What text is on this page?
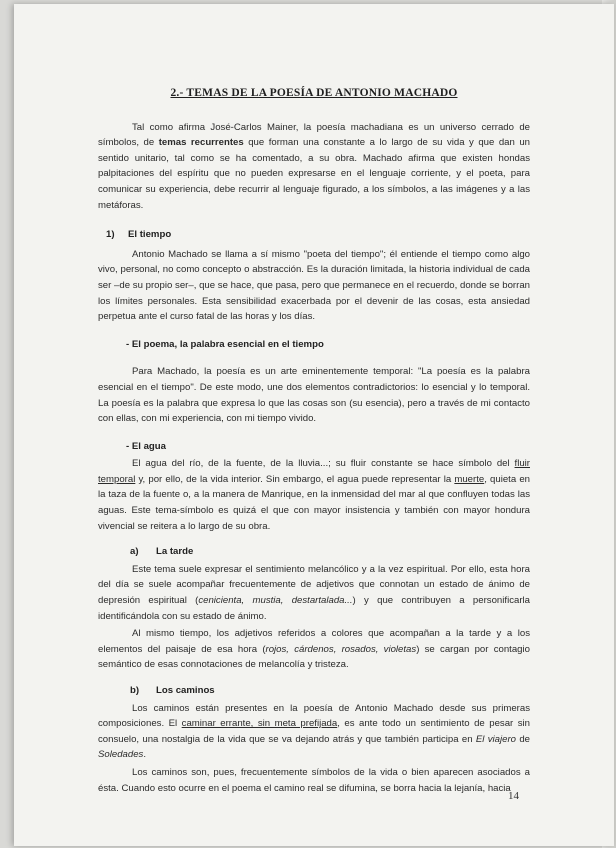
2.- TEMAS DE LA POESÍA DE ANTONIO MACHADO

Tal como afirma José-Carlos Mainer, la poesía machadiana es un universo cerrado de símbolos, de temas recurrentes que forman una constante a lo largo de su vida y que dan un sentido unitario, tal como se ha comentado, a su obra. Machado afirma que existen hondas palpitaciones del espíritu que no pueden expresarse en el lenguaje corriente, y el poeta, para comunicar su experiencia, debe recurrir al lenguaje figurado, a los símbolos, a las imágenes y a las metáforas.

1) El tiempo

Antonio Machado se llama a sí mismo "poeta del tiempo"; él entiende el tiempo como algo vivo, personal, no como concepto o abstracción. Es la duración limitada, la historia individual de cada ser –de su propio ser–, que se hace, que pasa, pero que permanece en el recuerdo, donde se borran los límites personales. Esta sensibilidad exacerbada por el devenir de las cosas, esta ansiedad perpetua ante el curso fatal de las horas y los días.

- El poema, la palabra esencial en el tiempo

Para Machado, la poesía es un arte eminentemente temporal: "La poesía es la palabra esencial en el tiempo". De este modo, une dos elementos contradictorios: lo esencial y lo temporal. La poesía es la palabra que expresa lo que las cosas son (su esencia), pero a través de mi contacto con ellas, con mi experiencia, con mi tiempo vivido.

- El agua

El agua del río, de la fuente, de la lluvia...; su fluir constante se hace símbolo del fluir temporal y, por ello, de la vida interior. Sin embargo, el agua puede representar la muerte, quieta en la taza de la fuente o, a la manera de Manrique, en la inmensidad del mar al que confluyen todas las aguas. Este tema-símbolo es quizá el que con mayor insistencia y también con mayor hondura vivencial se reitera a lo largo de su obra.

a) La tarde

Este tema suele expresar el sentimiento melancólico y a la vez espiritual. Por ello, esta hora del día se suele acompañar frecuentemente de adjetivos que connotan un estado de ánimo de depresión espiritual (cenicienta, mustia, destartalada...) y que contribuyen a personificarla identificándola con su estado de ánimo.

Al mismo tiempo, los adjetivos referidos a colores que acompañan a la tarde y a los elementos del paisaje de esa hora (rojos, cárdenos, rosados, violetas) se cargan por contagio semántico de esas connotaciones de melancolía y tristeza.

b) Los caminos

Los caminos están presentes en la poesía de Antonio Machado desde sus primeras composiciones. El caminar errante, sin meta prefijada, es ante todo un sentimiento de pesar sin consuelo, una nostalgia de la vida que se va dejando atrás y que también participa en El viajero de Soledades.

Los caminos son, pues, frecuentemente símbolos de la vida o bien aparecen asociados a ésta. Cuando esto ocurre en el poema el camino real se difumina, se borra hacia la lejanía, hacia

14
